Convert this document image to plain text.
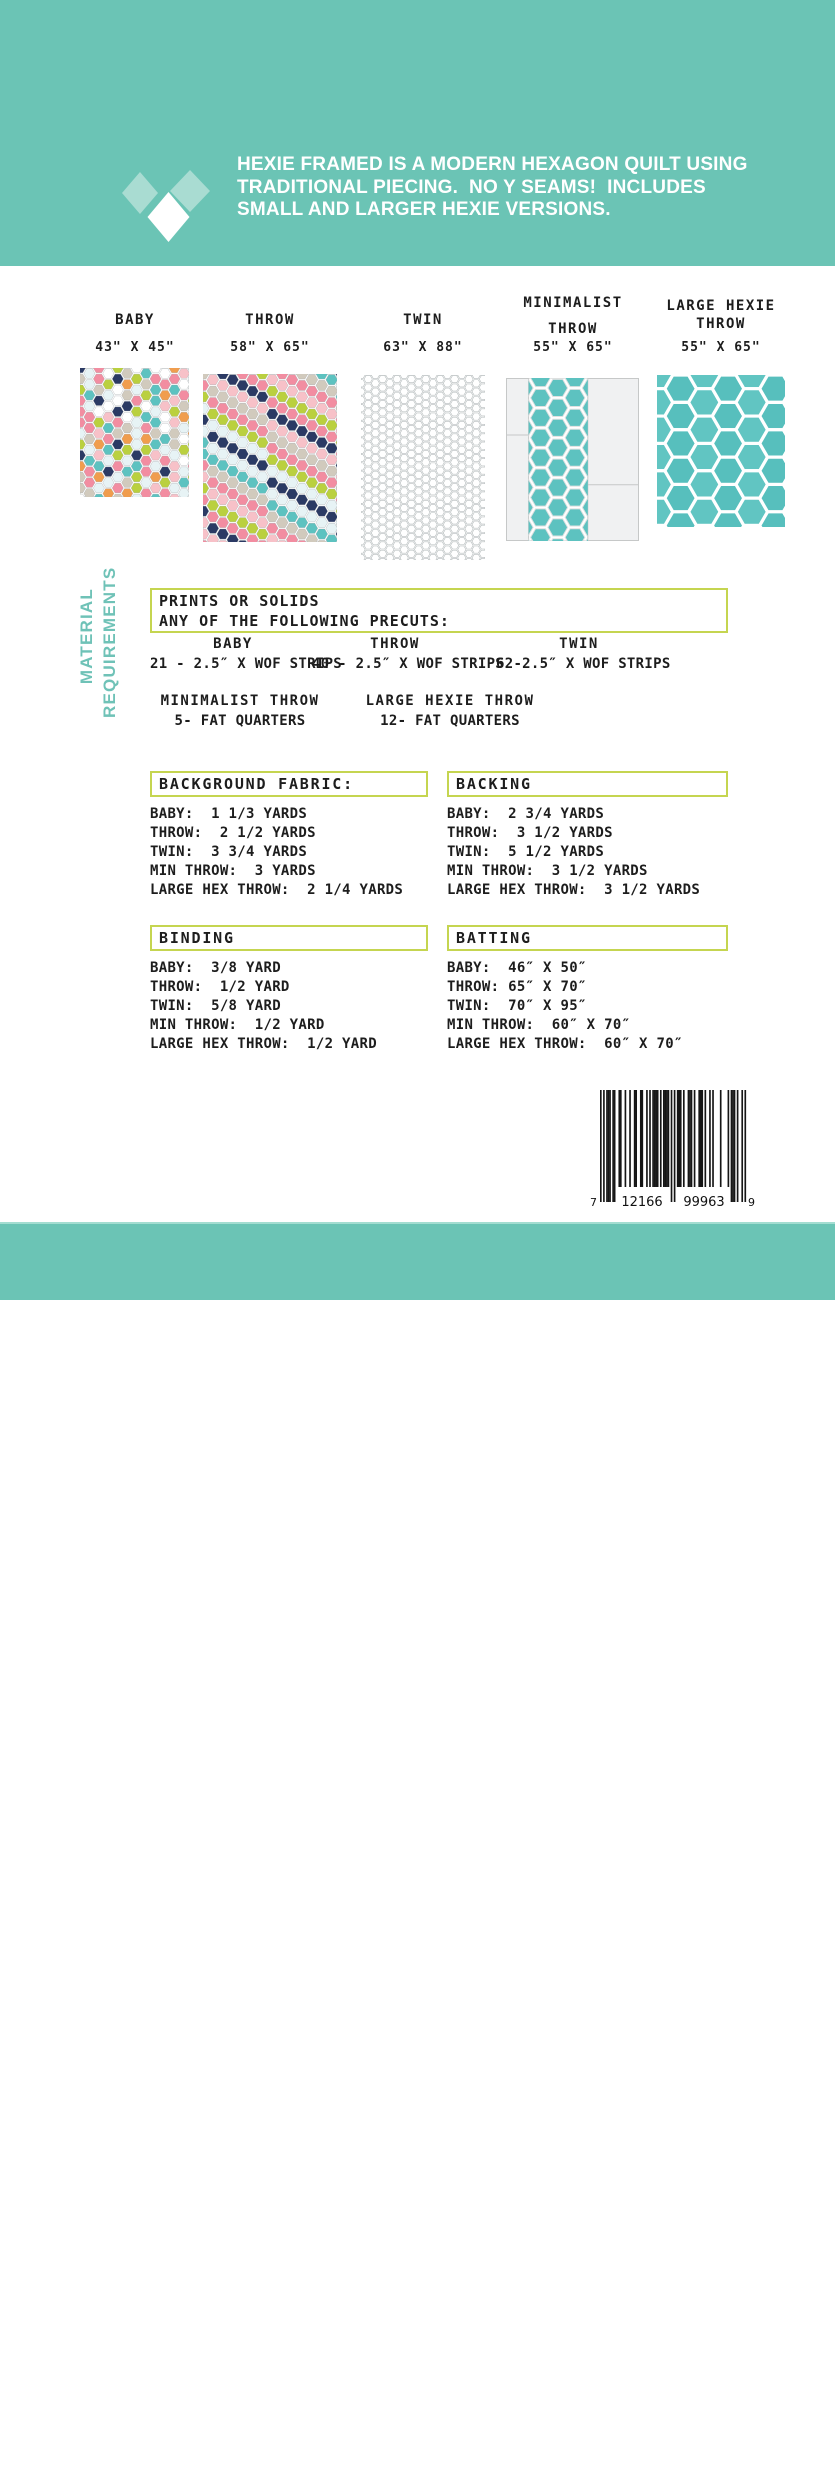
HEXIE FRAMED IS A MODERN HEXAGON QUILT USING TRADITIONAL PIECING.  NO Y SEAMS!  INCLUDES SMALL AND LARGER HEXIE VERSIONS.

BABY
43" X 45"
THROW
58" X 65"
TWIN
63" X 88"
MINIMALIST
THROW
55" X 65"
LARGE HEXIE
THROW
55" X 65"
MATERIAL REQUIREMENTS	PRINTS OR SOLIDS
ANY OF THE FOLLOWING PRECUTS:
BABY
21 - 2.5″ X WOF STRIPS
THROW
40 - 2.5″ X WOF STRIPS
TWIN
62-2.5″ X WOF STRIPS
MINIMALIST THROW
5- FAT QUARTERS
LARGE HEXIE THROW
12- FAT QUARTERS
BACKGROUND FABRIC:
BABY:  1 1/3 YARDS
THROW:  2 1/2 YARDS
TWIN:  3 3/4 YARDS
MIN THROW:  3 YARDS
LARGE HEX THROW:  2 1/4 YARDS
BACKING
BABY:  2 3/4 YARDS
THROW:  3 1/2 YARDS
TWIN:  5 1/2 YARDS
MIN THROW:  3 1/2 YARDS
LARGE HEX THROW:  3 1/2 YARDS
BINDING
BABY:  3/8 YARD
THROW:  1/2 YARD
TWIN:  5/8 YARD
MIN THROW:  1/2 YARD
LARGE HEX THROW:  1/2 YARD
BATTING
BABY:  46″ X 50″
THROW: 65″ X 70″
TWIN:  70″ X 95″
MIN THROW:  60″ X 70″
LARGE HEX THROW:  60″ X 70″
7 12166 99963 9
© 2016 EMILY DENNIS CREATIVE, LLC
